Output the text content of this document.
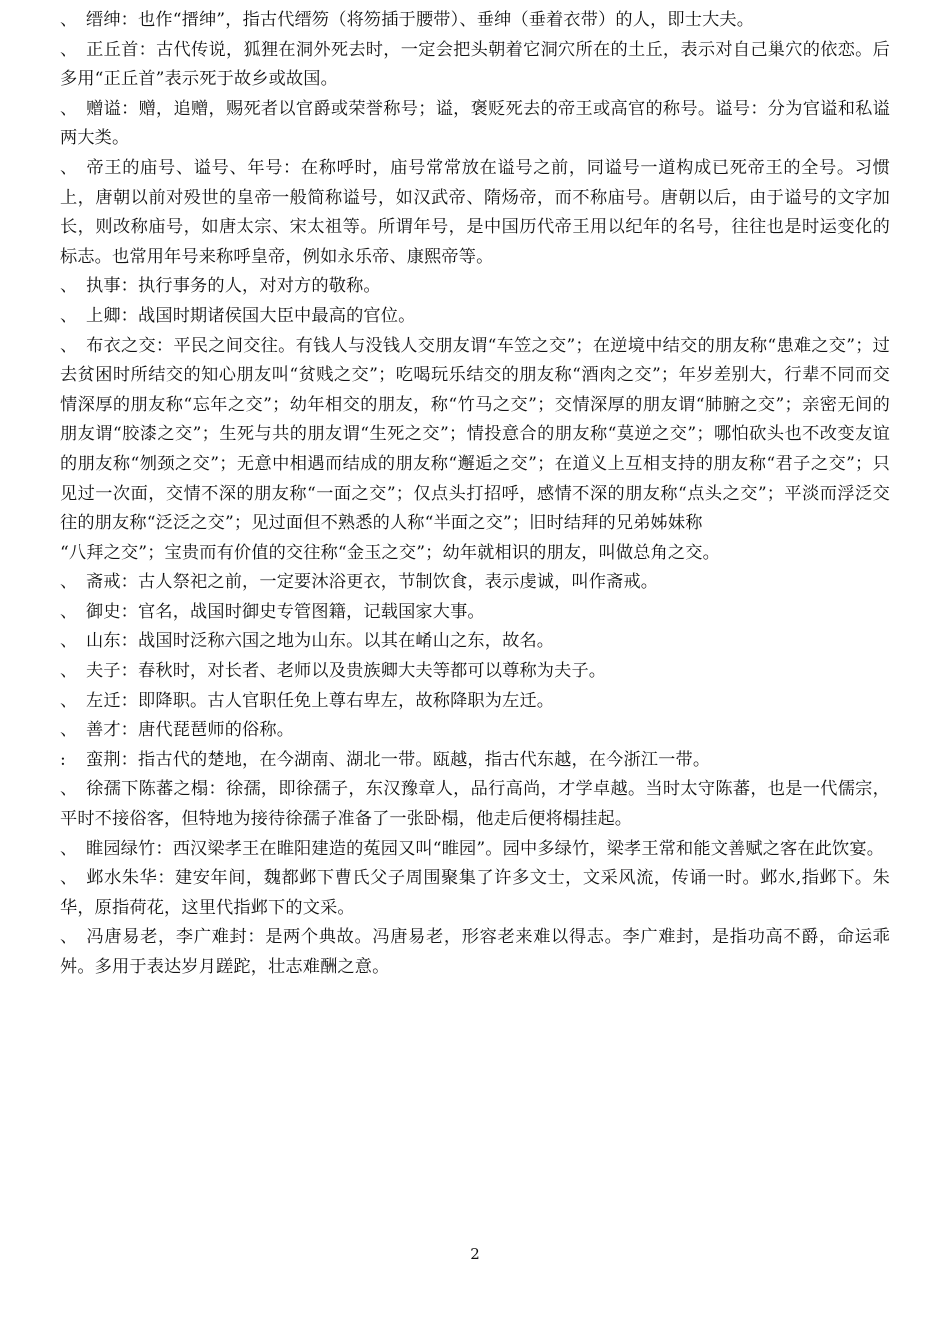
、 缙绅：也作“搢绅”，指古代缙笏（将笏插于腰带）、垂绅（垂着衣带）的人，即士大夫。

、 正丘首：古代传说，狐狸在洞外死去时，一定会把头朝着它洞穴所在的土丘，表示对自己巢穴的依恋。后多用“正丘首”表示死于故乡或故国。

、 赠谥：赠，追赠，赐死者以官爵或荣誉称号；谥，褒贬死去的帝王或高官的称号。谥号：分为官谥和私谥两大类。

、 帝王的庙号、谥号、年号：在称呼时，庙号常常放在谥号之前，同谥号一道构成已死帝王的全号。习惯上，唐朝以前对殁世的皇帝一般简称谥号，如汉武帝、隋炀帝，而不称庙号。唐朝以后，由于谥号的文字加长，则改称庙号，如唐太宗、宋太祖等。所谓年号，是中国历代帝王用以纪年的名号，往往也是时运变化的标志。也常用年号来称呼皇帝，例如永乐帝、康熙帝等。

、 执事：执行事务的人，对对方的敬称。

、 上卿：战国时期诸侯国大臣中最高的官位。

、 布衣之交：平民之间交往。有钱人与没钱人交朋友谓“车笠之交”；在逆境中结交的朋友称“患难之交”；过去贫困时所结交的知心朋友叫“贫贱之交”；吃喝玩乐结交的朋友称“酒肉之交”；年岁差别大，行辈不同而交情深厚的朋友称“忘年之交”；幼年相交的朋友，称“竹马之交”；交情深厚的朋友谓“肺腑之交”；亲密无间的朋友谓“胶漆之交”；生死与共的朋友谓“生死之交”；情投意合的朋友称“莫逆之交”；哪怕砍头也不改变友谊的朋友称“刎颈之交”；无意中相遇而结成的朋友称“邂逅之交”；在道义上互相支持的朋友称“君子之交”；只见过一次面，交情不深的朋友称“一面之交”；仅点头打招呼，感情不深的朋友称“点头之交”；平淡而浮泛交往的朋友称“泛泛之交”；见过面但不熟悉的人称“半面之交”；旧时结拜的兄弟姊妹称

“八拜之交”；宝贵而有价值的交往称“金玉之交”；幼年就相识的朋友，叫做总角之交。

、 斋戒：古人祭祀之前，一定要沐浴更衣，节制饮食，表示虔诚，叫作斋戒。

、 御史：官名，战国时御史专管图籍，记载国家大事。

、 山东：战国时泛称六国之地为山东。以其在崤山之东，故名。

、 夫子：春秋时，对长者、老师以及贵族卿大夫等都可以尊称为夫子。

、 左迁：即降职。古人官职任免上尊右卑左，故称降职为左迁。

、 善才：唐代琵琶师的俗称。

: 蛮荆：指古代的楚地，在今湖南、湖北一带。瓯越，指古代东越，在今浙江一带。

、 徐孺下陈蕃之榻：徐孺，即徐孺子，东汉豫章人，品行高尚，才学卓越。当时太守陈蕃，也是一代儒宗，平时不接俗客，但特地为接待徐孺子准备了一张卧榻，他走后便将榻挂起。

、 睢园绿竹：西汉梁孝王在睢阳建造的菟园又叫“睢园”。园中多绿竹，梁孝王常和能文善赋之客在此饮宴。

、 邺水朱华：建安年间，魏都邺下曹氏父子周围聚集了许多文士，文采风流，传诵一时。邺水,指邺下。朱华，原指荷花，这里代指邺下的文采。

、 冯唐易老，李广难封：是两个典故。冯唐易老，形容老来难以得志。李广难封，是指功高不爵，命运乖舛。多用于表达岁月蹉跎，壮志难酬之意。

2
